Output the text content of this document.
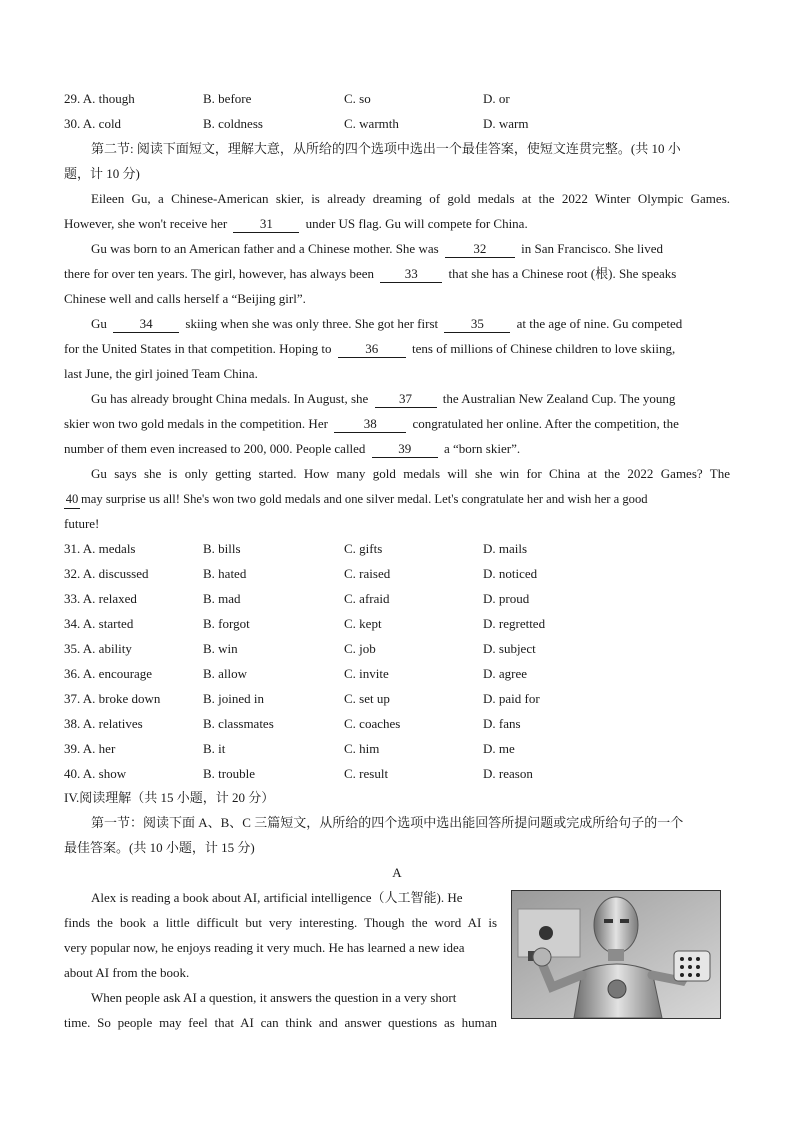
29. A. though	B. before	C. so	D. or
30. A. cold	B. coldness	C. warmth	D. warm
第二节: 阅读下面短文，理解大意，从所给的四个选项中选出一个最佳答案，使短文连贯完整。(共 10 小
题，计 10 分)
Eileen Gu, a Chinese-American skier, is already dreaming of gold medals at the 2022 Winter Olympic Games.
However, she won't receive her	31	under US flag. Gu will compete for China.
Gu was born to an American father and a Chinese mother. She was	32	in San Francisco. She lived
there for over ten years. The girl, however, has always been 33 that she has a Chinese root (根). She speaks
Chinese well and calls herself a “Beijing girl”.
Gu	34	skiing when she was only three. She got her first	35	at the age of nine. Gu competed
for the United States in that competition. Hoping to	36	tens of millions of Chinese children to love skiing,
last June, the girl joined Team China.
Gu has already brought China medals. In August, she 37 the Australian New Zealand Cup. The young
skier won two gold medals in the competition. Her	38	congratulated her online. After the competition, the
number of them even increased to 200, 000. People called	39	a “born skier”.
Gu says she is only getting started. How many gold medals will she win for China at the 2022 Games? The
40 may surprise us all! She's won two gold medals and one silver medal. Let's congratulate her and wish her a good
future!
31. A. medals	B. bills	C. gifts	D. mails
32. A. discussed	B. hated	C. raised	D. noticed
33. A. relaxed	B. mad	C. afraid	D. proud
34. A. started	B. forgot	C. kept	D. regretted
35. A. ability	B. win	C. job	D. subject
36. A. encourage	B. allow	C. invite	D. agree
37. A. broke down	B. joined in	C. set up	D. paid for
38. A. relatives	B. classmates	C. coaches	D. fans
39. A. her	B. it	C. him	D. me
40. A. show	B. trouble	C. result	D. reason
IV.阅读理解（共 15 小题，计 20 分）
第一节：阅读下面 A、B、C 三篇短文，从所给的四个选项中选出能回答所提问题或完成所给句子的一个
最佳答案。(共 10 小题，计 15 分)
A
Alex is reading a book about AI, artificial intelligence（人工智能). He
finds the book a little difficult but very interesting. Though the word AI is
very popular now, he enjoys reading it very much. He has learned a new idea
about AI from the book.
When people ask AI a question, it answers the question in a very short
time. So people may feel that AI can think and answer questions as human
